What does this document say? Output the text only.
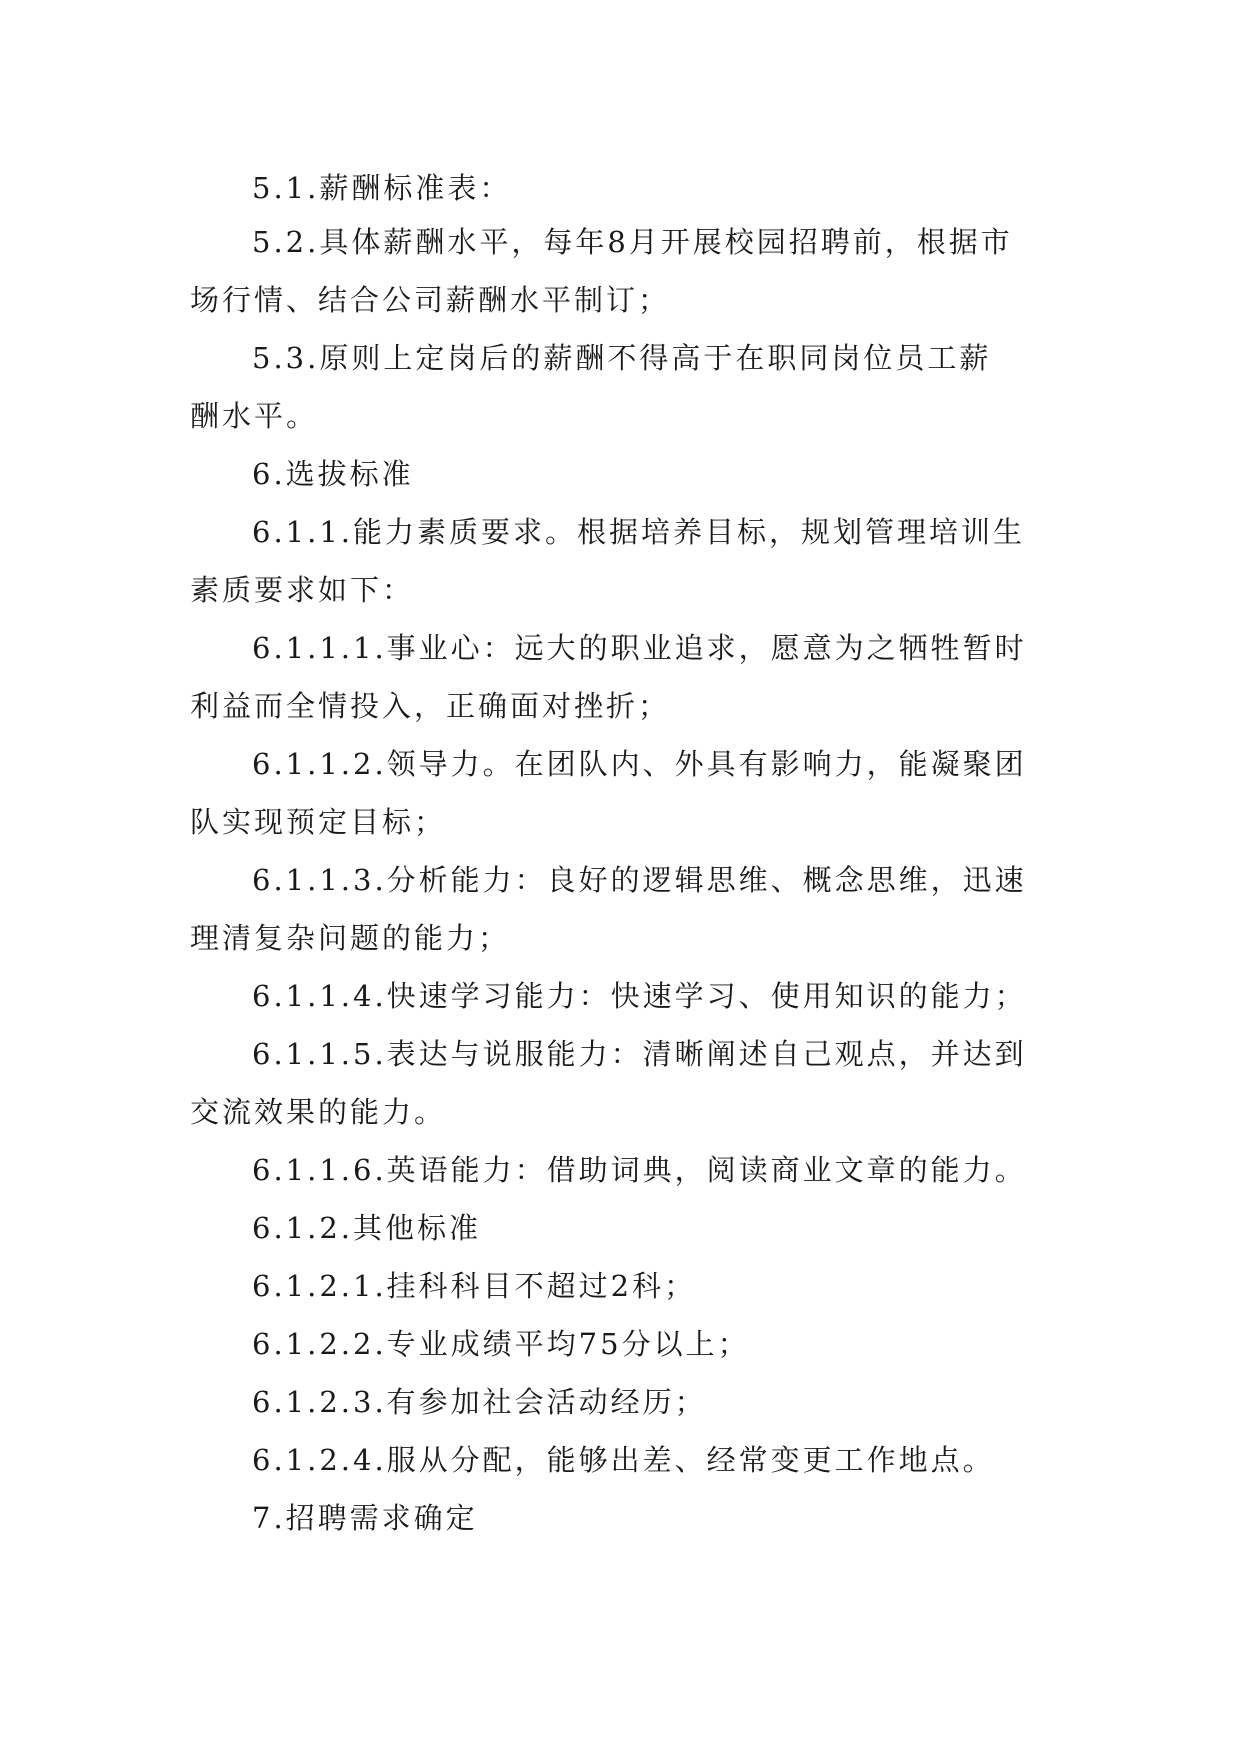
5.1.薪酬标准表：
5.2.具体薪酬水平，每年8月开展校园招聘前，根据市
场行情、结合公司薪酬水平制订；
5.3.原则上定岗后的薪酬不得高于在职同岗位员工薪
酬水平。
6.选拔标准
6.1.1.能力素质要求。根据培养目标，规划管理培训生
素质要求如下：
6.1.1.1.事业心：远大的职业追求，愿意为之牺牲暂时
利益而全情投入，正确面对挫折；
6.1.1.2.领导力。在团队内、外具有影响力，能凝聚团
队实现预定目标；
6.1.1.3.分析能力：良好的逻辑思维、概念思维，迅速
理清复杂问题的能力；
6.1.1.4.快速学习能力：快速学习、使用知识的能力；
6.1.1.5.表达与说服能力：清晰阐述自己观点，并达到
交流效果的能力。
6.1.1.6.英语能力：借助词典，阅读商业文章的能力。
6.1.2.其他标准
6.1.2.1.挂科科目不超过2科；
6.1.2.2.专业成绩平均75分以上；
6.1.2.3.有参加社会活动经历；
6.1.2.4.服从分配，能够出差、经常变更工作地点。
7.招聘需求确定
